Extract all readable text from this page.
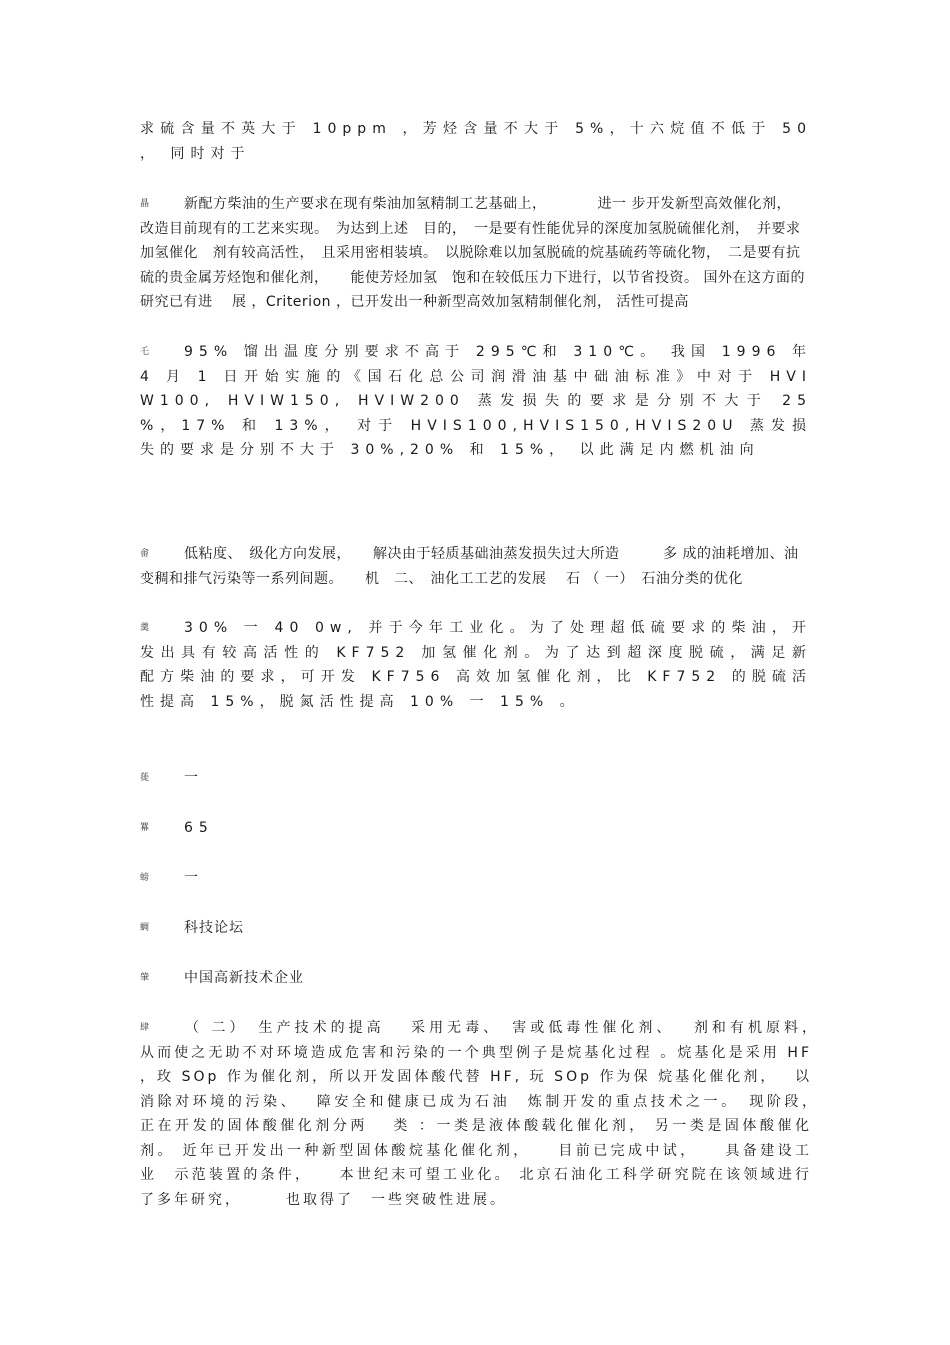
求硫含量不英大于 10ppm ，芳烃含量不大于 5%，十六烷值不低于 50 ， 同时对于
瞐 新配方柴油的生产要求在现有柴油加氢精制工艺基础上，　　　　进一 步开发新型高效催化剂，　改造目前现有的工艺来实现。　为达到上述　目的，　一是要有性能优异的深度加氢脱硫催化剂，　并要求加氢催化　剂有较高活性，　且采用密相装填。　以脱除难以加氢脱硫的烷基硫药等硫化物，　二是要有抗硫的贵金属芳烃饱和催化剂，　　能使芳烃加氢　饱和在较低压力下进行，以节省投资。 国外在这方面的研究已有进　 展 ，Criterion ，已开发出一种新型高效加氢精制催化剂， 活性可提高
乇 95% 馏出温度分别要求不高于 295℃和 310℃。 我国 1996 年 4 月 1 日开始实施的《国石化总公司润滑油基中础油标准》中对于 HVIW100, HVIW150, HVIW200 蒸发损失的要求是分别不大于 25 %，17% 和 13%， 对于 HVIS100,HVIS150,HVIS20U 蒸发损失的要求是分别不大于 30%,20% 和 15%， 以此满足内燃机油向
畲 低粘度、　级化方向发展，　　解决由于轻质基础油蒸发损失过大所造　　　多 成的油耗增加、油变稠和排气污染等一系列间题。　　机　二、　油化工工艺的发展　 石 （ 一）　石油分类的优化
羹 30% 一 40 0w, 并于今年工业化。为了处理超低硫要求的柴油，开发出具有较高活性的 KF752 加氢催化剂。为了达到超深度脱硫，满足新配方柴油的要求，可开发 KF756 高效加氢催化剂，比 KF752 的脱硫活性提高 15%，脱氮活性提高 10% 一 15% 。
蓰 一
羃 65
螃 一
蜩 科技论坛
肇 中国高新技术企业
肆 （ 二）　生产技术的提高　 采用无毒、　害或低毒性催化剂、　 剂和有机原料，　 从而使之无助不对环境造成危害和污染的一个典型例子是烷基化过程 。烷基化是采用 HF ，玫 SOp 作为催化剂，所以开发固体酸代替 HF, 玩 SOp 作为保 烷基化催化剂，　 以消除对环境的污染、　 障安全和健康已成为石油　炼制开发的重点技术之一。　现阶段，　正在开发的固体酸催化剂分两　 类 ：一类是液体酸载化催化剂， 另一类是固体酸催化剂。 近年已开发出一种新型固体酸烷基化催化剂，　　目前已完成中试，　　具备建设工业　示范装置的条件，　　本世纪末可望工业化。 北京石油化工科学研究院在该领域进行了多年研究，　　　也取得了　一些突破性进展。
